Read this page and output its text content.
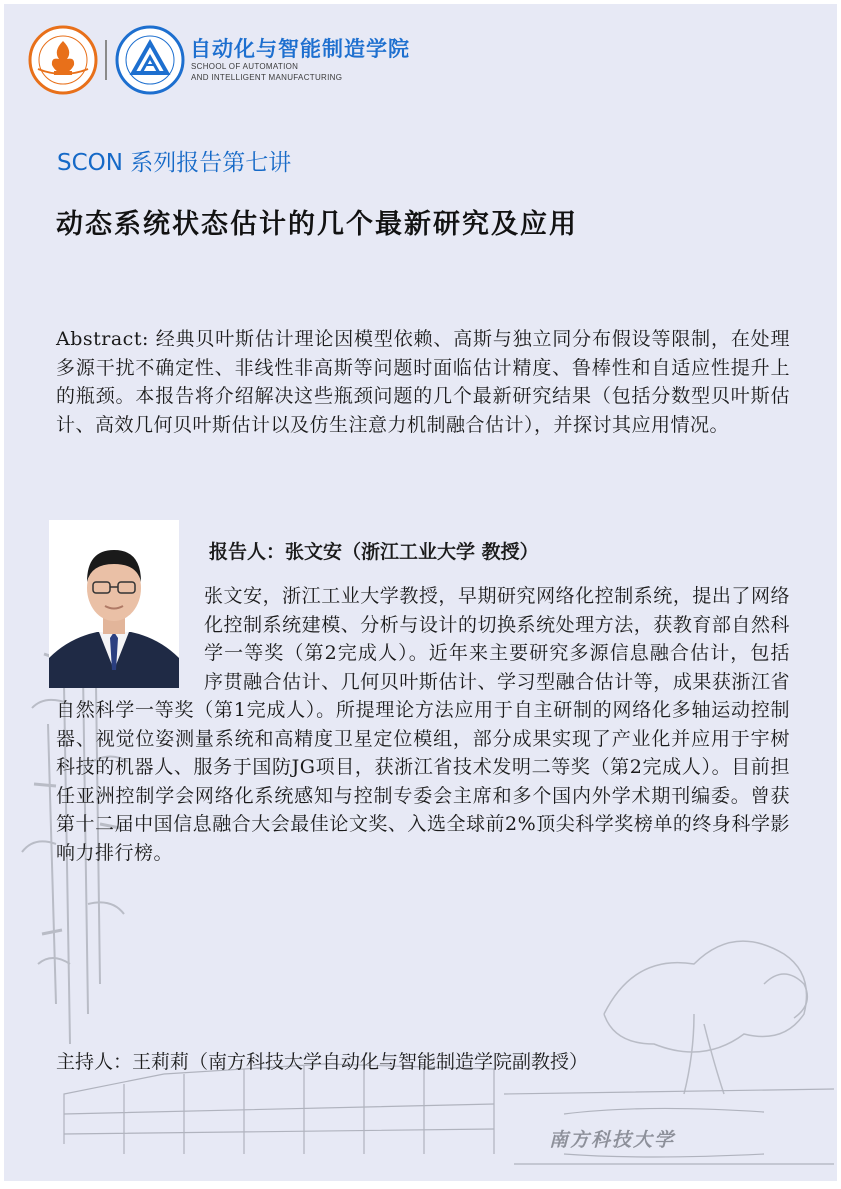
南方科技大学
自动化与智能制造学院
SCHOOL OF AUTOMATION
AND INTELLIGENT MANUFACTURING
SCON 系列报告第七讲
动态系统状态估计的几个最新研究及应用

Abstract: 经典贝叶斯估计理论因模型依赖、高斯与独立同分布假设等限制，在处理多源干扰不确定性、非线性非高斯等问题时面临估计精度、鲁棒性和自适应性提升上的瓶颈。本报告将介绍解决这些瓶颈问题的几个最新研究结果（包括分数型贝叶斯估计、高效几何贝叶斯估计以及仿生注意力机制融合估计），并探讨其应用情况。

报告人：张文安（浙江工业大学 教授）

张文安，浙江工业大学教授，早期研究网络化控制系统，提出了网络化控制系统建模、分析与设计的切换系统处理方法，获教育部自然科学一等奖（第2完成人）。近年来主要研究多源信息融合估计，包括序贯融合估计、几何贝叶斯估计、学习型融合估计等，成果获浙江省自然科学一等奖（第1完成人）。所提理论方法应用于自主研制的网络化多轴运动控制器、视觉位姿测量系统和高精度卫星定位模组，部分成果实现了产业化并应用于宇树科技的机器人、服务于国防JG项目，获浙江省技术发明二等奖（第2完成人）。目前担任亚洲控制学会网络化系统感知与控制专委会主席和多个国内外学术期刊编委。曾获第十二届中国信息融合大会最佳论文奖、入选全球前2%顶尖科学奖榜单的终身科学影响力排行榜。

主持人：王莉莉（南方科技大学自动化与智能制造学院副教授）
